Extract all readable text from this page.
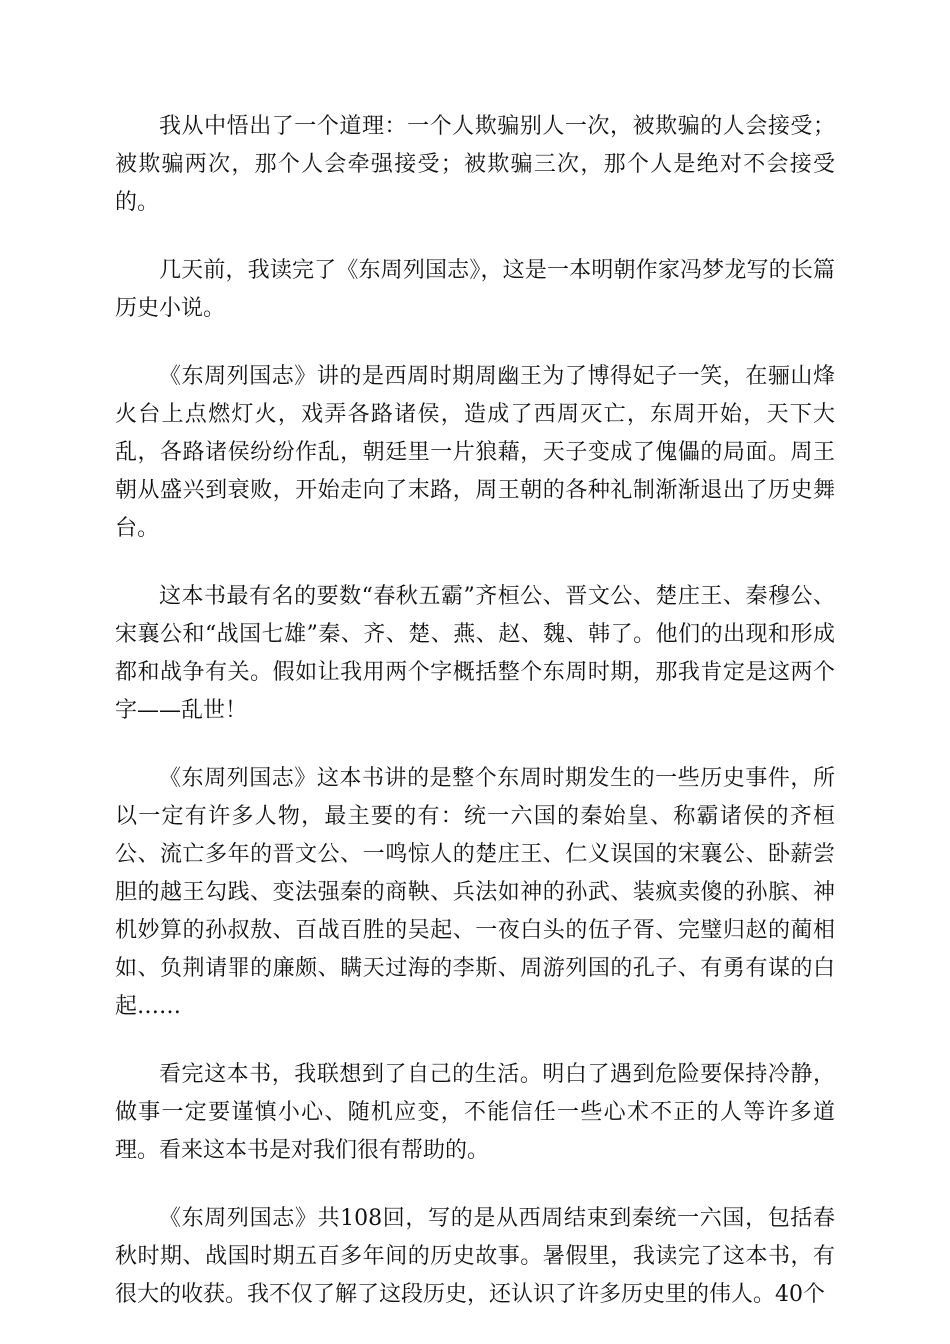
我从中悟出了一个道理：一个人欺骗别人一次，被欺骗的人会接受；被欺骗两次，那个人会牵强接受；被欺骗三次，那个人是绝对不会接受的。

几天前，我读完了《东周列国志》，这是一本明朝作家冯梦龙写的长篇历史小说。

《东周列国志》讲的是西周时期周幽王为了博得妃子一笑，在骊山烽火台上点燃灯火，戏弄各路诸侯，造成了西周灭亡，东周开始，天下大乱，各路诸侯纷纷作乱，朝廷里一片狼藉，天子变成了傀儡的局面。周王朝从盛兴到衰败，开始走向了末路，周王朝的各种礼制渐渐退出了历史舞台。

这本书最有名的要数“春秋五霸”齐桓公、晋文公、楚庄王、秦穆公、宋襄公和“战国七雄”秦、齐、楚、燕、赵、魏、韩了。他们的出现和形成都和战争有关。假如让我用两个字概括整个东周时期，那我肯定是这两个字——乱世！

《东周列国志》这本书讲的是整个东周时期发生的一些历史事件，所以一定有许多人物，最主要的有：统一六国的秦始皇、称霸诸侯的齐桓公、流亡多年的晋文公、一鸣惊人的楚庄王、仁义误国的宋襄公、卧薪尝胆的越王勾践、变法强秦的商鞅、兵法如神的孙武、装疯卖傻的孙膑、神机妙算的孙叔敖、百战百胜的吴起、一夜白头的伍子胥、完璧归赵的蔺相如、负荆请罪的廉颇、瞒天过海的李斯、周游列国的孔子、有勇有谋的白起……

看完这本书，我联想到了自己的生活。明白了遇到危险要保持冷静，做事一定要谨慎小心、随机应变，不能信任一些心术不正的人等许多道理。看来这本书是对我们很有帮助的。

《东周列国志》共108回，写的是从西周结束到秦统一六国，包括春秋时期、战国时期五百多年间的历史故事。暑假里，我读完了这本书，有很大的收获。我不仅了解了这段历史，还认识了许多历史里的伟人。40个
